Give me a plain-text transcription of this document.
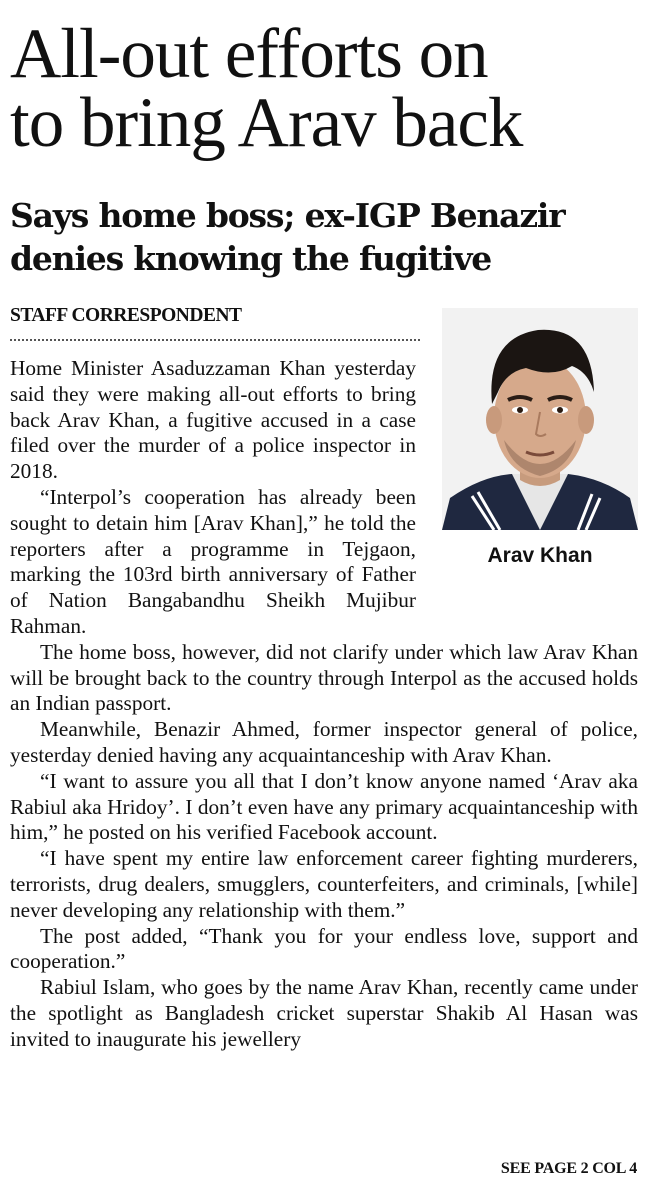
All-out efforts on
to bring Arav back
Says home boss; ex-IGP Benazir
denies knowing the fugitive
STAFF CORRESPONDENT
Arav Khan

Home Minister Asaduzzaman Khan yesterday said they were making all-out efforts to bring back Arav Khan, a fugitive accused in a case filed over the murder of a police inspector in 2018.

“Interpol’s cooperation has already been sought to detain him [Arav Khan],” he told the reporters after a programme in Tejgaon, marking the 103rd birth anniversary of Father of Nation Bangabandhu Sheikh Mujibur Rahman.

The home boss, however, did not clarify under which law Arav Khan will be brought back to the country through Interpol as the accused holds an Indian passport.

Meanwhile, Benazir Ahmed, former inspector general of police, yesterday denied having any acquaintanceship with Arav Khan.

“I want to assure you all that I don’t know anyone named ‘Arav aka Rabiul aka Hridoy’. I don’t even have any primary acquaintanceship with him,” he posted on his verified Facebook account.

“I have spent my entire law enforcement career fighting murderers, terrorists, drug dealers, smugglers, counterfeiters, and criminals, [while] never developing any relationship with them.”

The post added, “Thank you for your endless love, support and cooperation.”

Rabiul Islam, who goes by the name Arav Khan, recently came under the spotlight as Bangladesh cricket superstar Shakib Al Hasan was invited to inaugurate his jewellery

SEE PAGE 2 COL 4
